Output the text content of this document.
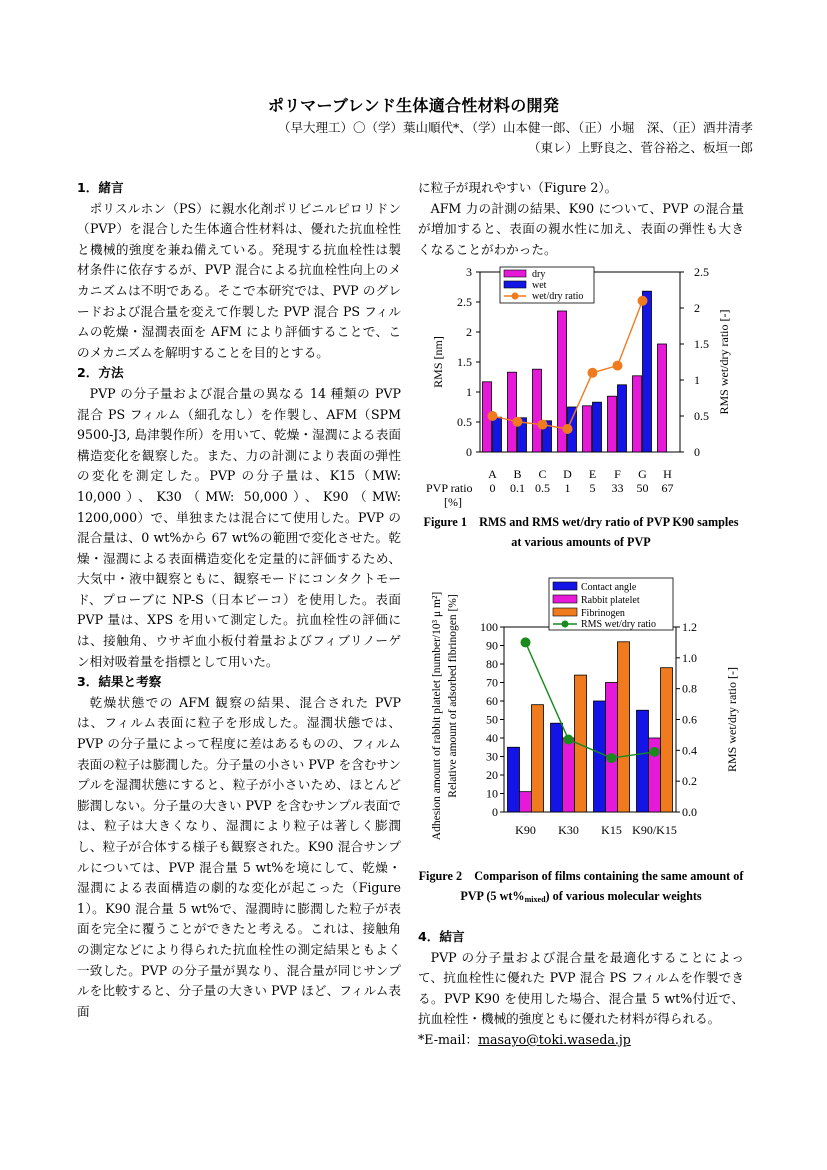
ポリマーブレンド生体適合性材料の開発
（早大理工）〇（学）葉山順代*、（学）山本健一郎、（正）小堀　深、（正）酒井清孝
（東レ）上野良之、菅谷裕之、板垣一郎
1．緒言

ポリスルホン（PS）に親水化剤ポリビニルピロリドン（PVP）を混合した生体適合性材料は、優れた抗血栓性と機械的強度を兼ね備えている。発現する抗血栓性は製材条件に依存するが、PVP 混合による抗血栓性向上のメカニズムは不明である。そこで本研究では、PVP のグレードおよび混合量を変えて作製した PVP 混合 PS フィルムの乾燥・湿潤表面を AFM により評価することで、このメカニズムを解明することを目的とする。

2．方法

PVP の分子量および混合量の異なる 14 種類の PVP 混合 PS フィルム（細孔なし）を作製し、AFM（SPM 9500-J3, 島津製作所）を用いて、乾燥・湿潤による表面構造変化を観察した。また、力の計測により表面の弾性の変化を測定した。PVP の分子量は、K15（MW: 10,000）、K30（MW: 50,000）、K90（MW: 1200,000）で、単独または混合にて使用した。PVP の混合量は、0 wt%から 67 wt%の範囲で変化させた。乾燥・湿潤による表面構造変化を定量的に評価するため、大気中・液中観察ともに、観察モードにコンタクトモード、プローブに NP-S（日本ビーコ）を使用した。表面 PVP 量は、XPS を用いて測定した。抗血栓性の評価には、接触角、ウサギ血小板付着量およびフィブリノーゲン相対吸着量を指標として用いた。

3．結果と考察

乾燥状態での AFM 観察の結果、混合された PVP は、フィルム表面に粒子を形成した。湿潤状態では、PVP の分子量によって程度に差はあるものの、フィルム表面の粒子は膨潤した。分子量の小さい PVP を含むサンプルを湿潤状態にすると、粒子が小さいため、ほとんど膨潤しない。分子量の大きい PVP を含むサンプル表面では、粒子は大きくなり、湿潤により粒子は著しく膨潤し、粒子が合体する様子も観察された。K90 混合サンプルについては、PVP 混合量 5 wt%を境にして、乾燥・湿潤による表面構造の劇的な変化が起こった（Figure 1）。K90 混合量 5 wt%で、湿潤時に膨潤した粒子が表面を完全に覆うことができたと考える。これは、接触角の測定などにより得られた抗血栓性の測定結果ともよく一致した。PVP の分子量が異なり、混合量が同じサンプルを比較すると、分子量の大きい PVP ほど、フィルム表面

に粒子が現れやすい（Figure 2）。

AFM 力の計測の結果、K90 について、PVP の混合量が増加すると、表面の親水性に加え、表面の弾性も大きくなることがわかった。

0
0.5
1
1.5
2
2.5
3
0
0.5
1
1.5
2
2.5
RMS [nm]	RMS wet/dry ratio [-]
A
0
B
0.1
C
0.5
D
1
E
5
F
33
G
50
H
67
PVP ratio
[%]
dry
wet
wet/dry ratio
Figure 1　RMS and RMS wet/dry ratio of PVP K90 samples at various amounts of PVP
0
10
20
30
40
50
60
70
80
90
100
0.0
0.2
0.4
0.6
0.8
1.0
1.2
Adhesion amount of rabbit platelet [number/10³ μ m²] Relative amount of adsorbed fibrinogen [%]	RMS wet/dry ratio [-]
K90 K30 K15 K90/K15
Contact angle
Rabbit platelet
Fibrinogen
RMS wet/dry ratio
Figure 2　Comparison of films containing the same amount of PVP (5 $wt\%_{mixed}$) of various molecular weights
4．結言

PVP の分子量および混合量を最適化することによって、抗血栓性に優れた PVP 混合 PS フィルムを作製できる。PVP K90 を使用した場合、混合量 5 wt%付近で、抗血栓性・機械的強度ともに優れた材料が得られる。

*E-mail：masayo@toki.waseda.jp
